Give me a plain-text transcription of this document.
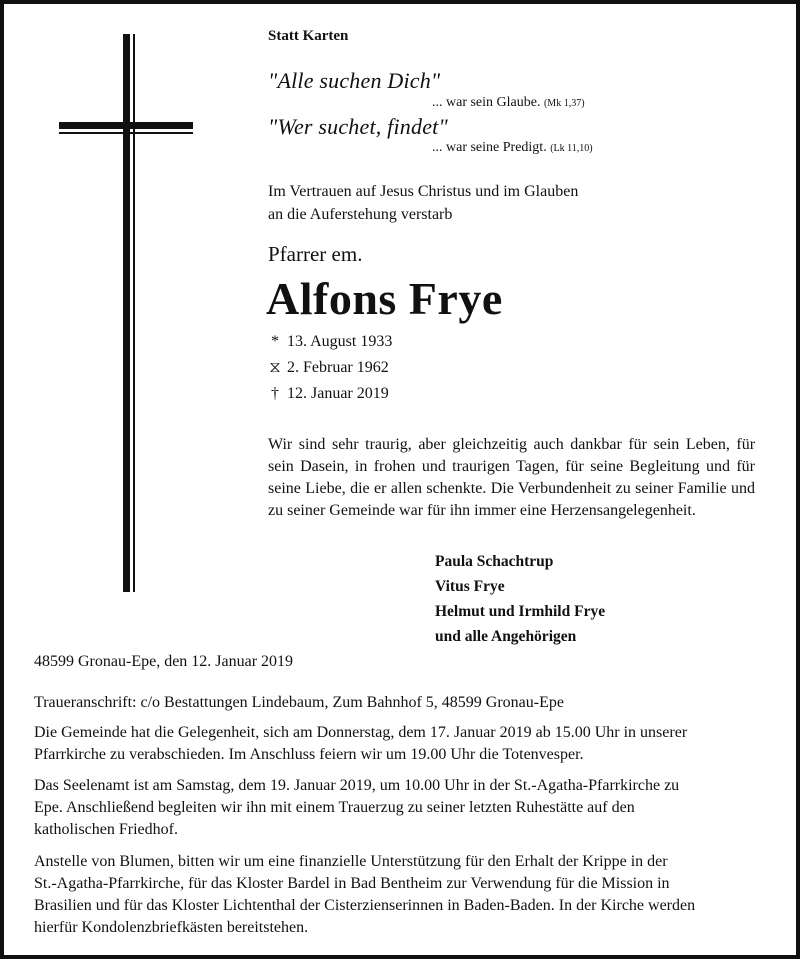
Statt Karten
"Alle suchen Dich"
... war sein Glaube. (Mk 1,37)
"Wer suchet, findet"
... war seine Predigt. (Lk 11,10)
Im Vertrauen auf Jesus Christus und im Glauben
an die Auferstehung verstarb
Pfarrer em.
Alfons Frye
* 13. August 1933
⧖ 2. Februar 1962
† 12. Januar 2019
Wir sind sehr traurig, aber gleichzeitig auch dankbar für sein Leben, für sein Dasein, in frohen und traurigen Tagen, für seine Begleitung und für seine Liebe, die er allen schenkte. Die Verbundenheit zu seiner Familie und zu seiner Gemeinde war für ihn immer eine Herzensangelegenheit.
Paula Schachtrup
Vitus Frye
Helmut und Irmhild Frye
und alle Angehörigen
48599 Gronau-Epe, den 12. Januar 2019
Traueranschrift: c/o Bestattungen Lindebaum, Zum Bahnhof 5, 48599 Gronau-Epe
Die Gemeinde hat die Gelegenheit, sich am Donnerstag, dem 17. Januar 2019 ab 15.00 Uhr in unserer
Pfarrkirche zu verabschieden. Im Anschluss feiern wir um 19.00 Uhr die Totenvesper.
Das Seelenamt ist am Samstag, dem 19. Januar 2019, um 10.00 Uhr in der St.-Agatha-Pfarrkirche zu
Epe. Anschließend begleiten wir ihn mit einem Trauerzug zu seiner letzten Ruhestätte auf den
katholischen Friedhof.
Anstelle von Blumen, bitten wir um eine finanzielle Unterstützung für den Erhalt der Krippe in der
St.-Agatha-Pfarrkirche, für das Kloster Bardel in Bad Bentheim zur Verwendung für die Mission in
Brasilien und für das Kloster Lichtenthal der Cisterzienserinnen in Baden-Baden. In der Kirche werden
hierfür Kondolenzbriefkästen bereitstehen.
